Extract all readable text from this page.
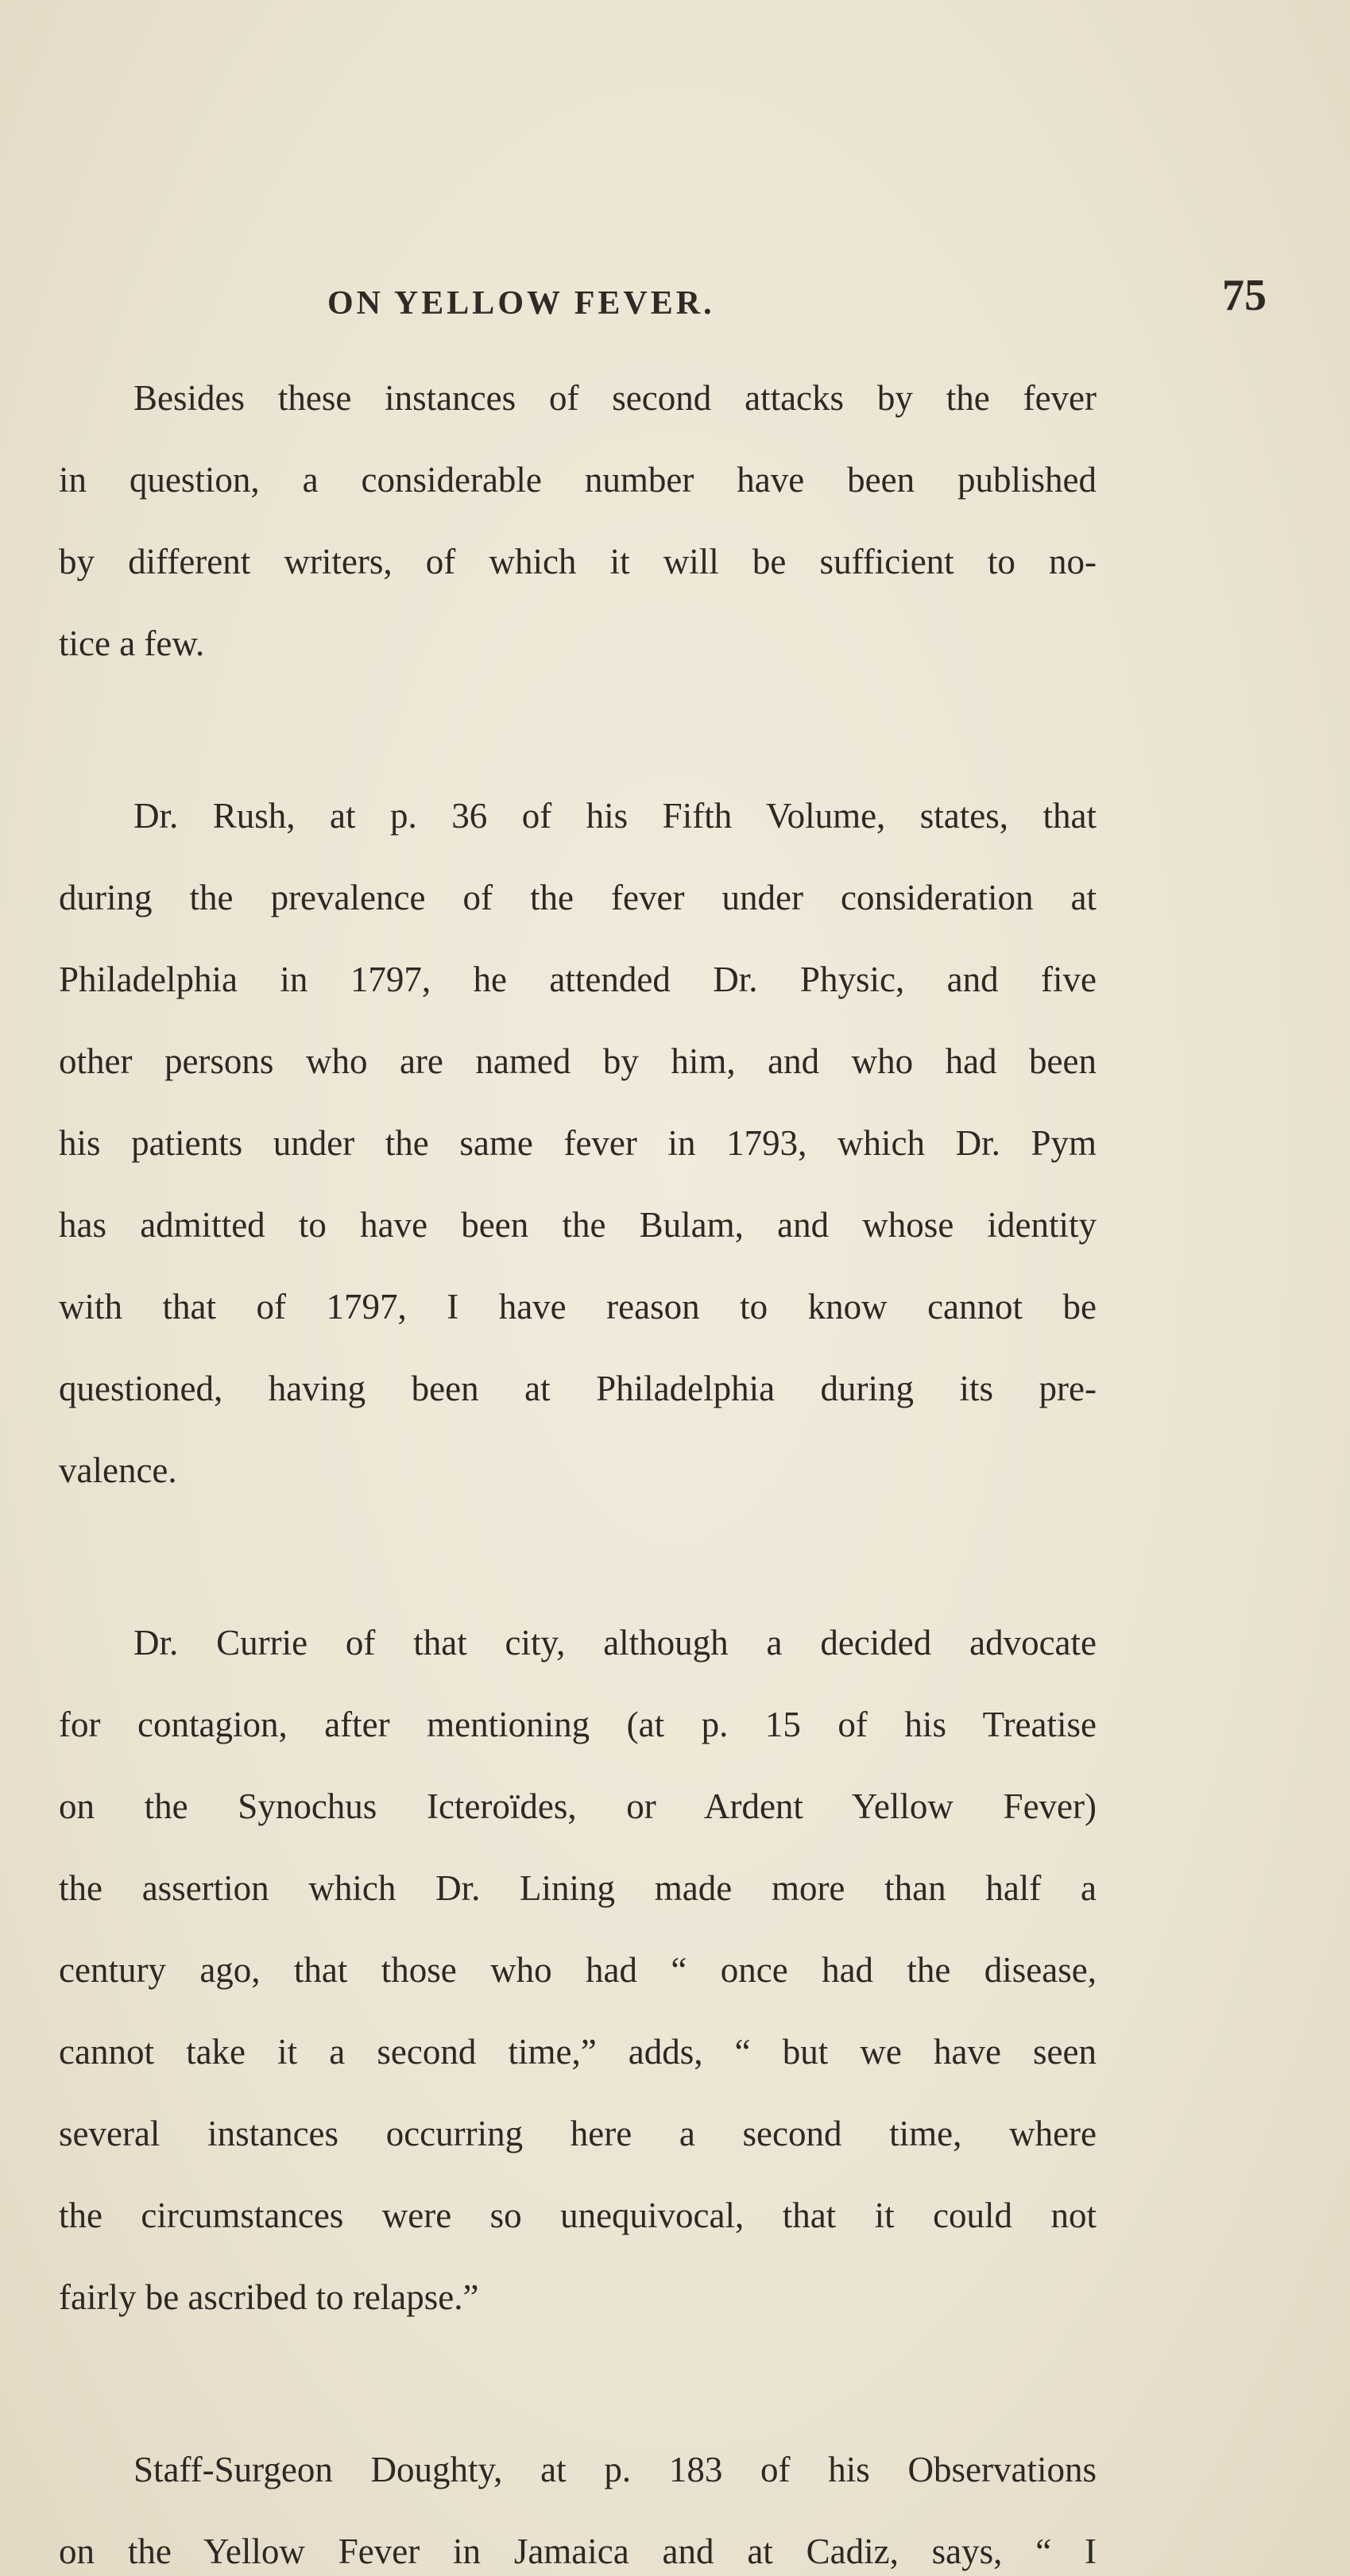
ON YELLOW FEVER.	75
Besides these instances of second attacks by the fever
in question, a considerable number have been published
by different writers, of which it will be sufficient to no-
tice a few.
Dr. Rush, at p. 36 of his Fifth Volume, states, that
during the prevalence of the fever under consideration at
Philadelphia in 1797, he attended Dr. Physic, and five
other persons who are named by him, and who had been
his patients under the same fever in 1793, which Dr. Pym
has admitted to have been the Bulam, and whose identity
with that of 1797, I have reason to know cannot be
questioned, having been at Philadelphia during its pre-
valence.
Dr. Currie of that city, although a decided advocate
for contagion, after mentioning (at p. 15 of his Treatise
on the Synochus Icteroïdes, or Ardent Yellow Fever)
the assertion which Dr. Lining made more than half a
century ago, that those who had “ once had the disease,
cannot take it a second time,” adds, “ but we have seen
several instances occurring here a second time, where
the circumstances were so unequivocal, that it could not
fairly be ascribed to relapse.”
Staff-Surgeon Doughty, at p. 183 of his Observations
on the Yellow Fever in Jamaica and at Cadiz, says, “ I
